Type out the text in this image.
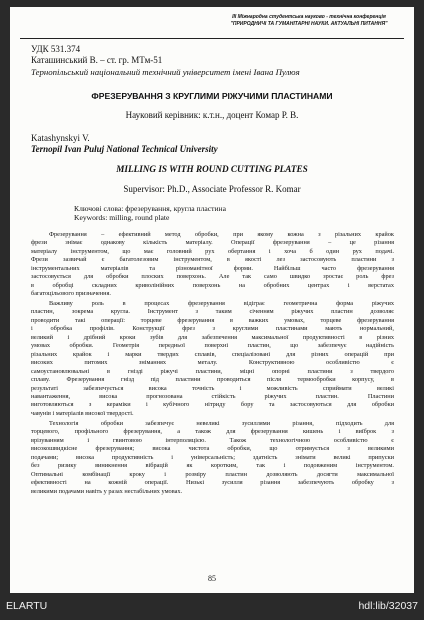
ІІІ Міжнародна студентська науково - технічна конференція
"ПРИРОДНИЧІ ТА ГУМАНІТАРНІ НАУКИ. АКТУАЛЬНІ ПИТАННЯ"
УДК 531.374
Каташинський В. – ст. гр. МТм-51
Тернопільський національний технічний університет імені Івана Пулюя
ФРЕЗЕРУВАННЯ З КРУГЛИМИ РІЖУЧИМИ ПЛАСТИНАМИ
Науковий керівник: к.т.н., доцент Комар Р. В.
Katashynskyi V.
Ternopil Ivan Puluj National Technical University
MILLING IS WITH ROUND CUTTING PLATES
Supervisor: Ph.D., Associate Professor R. Komar
Ключові слова: фрезерування, кругла пластина
Keywords: milling, round plate
Фрезерування – ефективний метод обробки, при якому кожна з різальних крайок
фрези знімає однакову кількість матеріалу. Операції фрезерування – це різання
матеріалу інструментом, що має головний рух обертання і хоча б один рух подачі.
Фрези зазвичай є багатолезовим інструментом, в якості лез застосовують пластини з
інструментальних матеріалів та різноманітної форми. Найбільш часто фрезерування
застосовується для обробки плоских поверхонь. Але так само швидко зростає роль фрез
в обробці складних криволінійних поверхонь на обробних центрах і верстатах
багатоцільового призначення.
Важливу роль в процесах фрезерування відіграє геометрична форма ріжучих
пластин, зокрема кругла. Інструмент з таким січенням ріжучих пластин дозволяє
проводити такі операції: торцеве фрезерування в важких умовах, торцеве фрезерування
і обробка профілів. Конструкції фрез з круглими пластинами мають нормальний,
великий і дрібний кроки зубів для забезпечення максимальної продуктивності в різних
умовах обробки. Геометрія передньої поверхні пластин, що забезпечує надійність
різальних крайок і марки твердих сплавів, спеціалізовані для різних операцій при
високих питомих зніманнях металу. Конструктивною особливістю є
самоустановлювальні в гнізді ріжучі пластини, міцні опорні пластини з твердого
сплаву. Фрезерування гнізд під пластини проводиться після термообробки корпусу, в
результаті забезпечується висока точність і можливість сприймати великі
навантаження, висока прогнозована стійкість ріжучих пластин. Пластини
виготовляються з кераміки і кубічного нітриду бору та застосовуються для обробки
чавунів і матеріалів високої твердості.
Технологія обробки забезпечує невеликі зусиллями різання, підходить для
торцевого, профільного фрезерування, а також для фрезерування кишень і виїброк з
врізуванням і гвинтовою інтерполяцією. Також технологічною особливістю є
високошвидкісне фрезерування; висока чистота обробки, що отримується з великими
подачами; висока продуктивність і універсальність; здатність знімати великі припуски
без ризику виникнення вібрацій як коротким, так і подовженим інструментом.
Оптимальні комбінації кроку і розміру пластин дозволяють досягти максимальної
ефективності на кожній операції. Низькі зусилля різання забезпечують обробку з
великими подачами навіть у разах нестабільних умовах.
85
ELARTU	hdl:lib/32037
